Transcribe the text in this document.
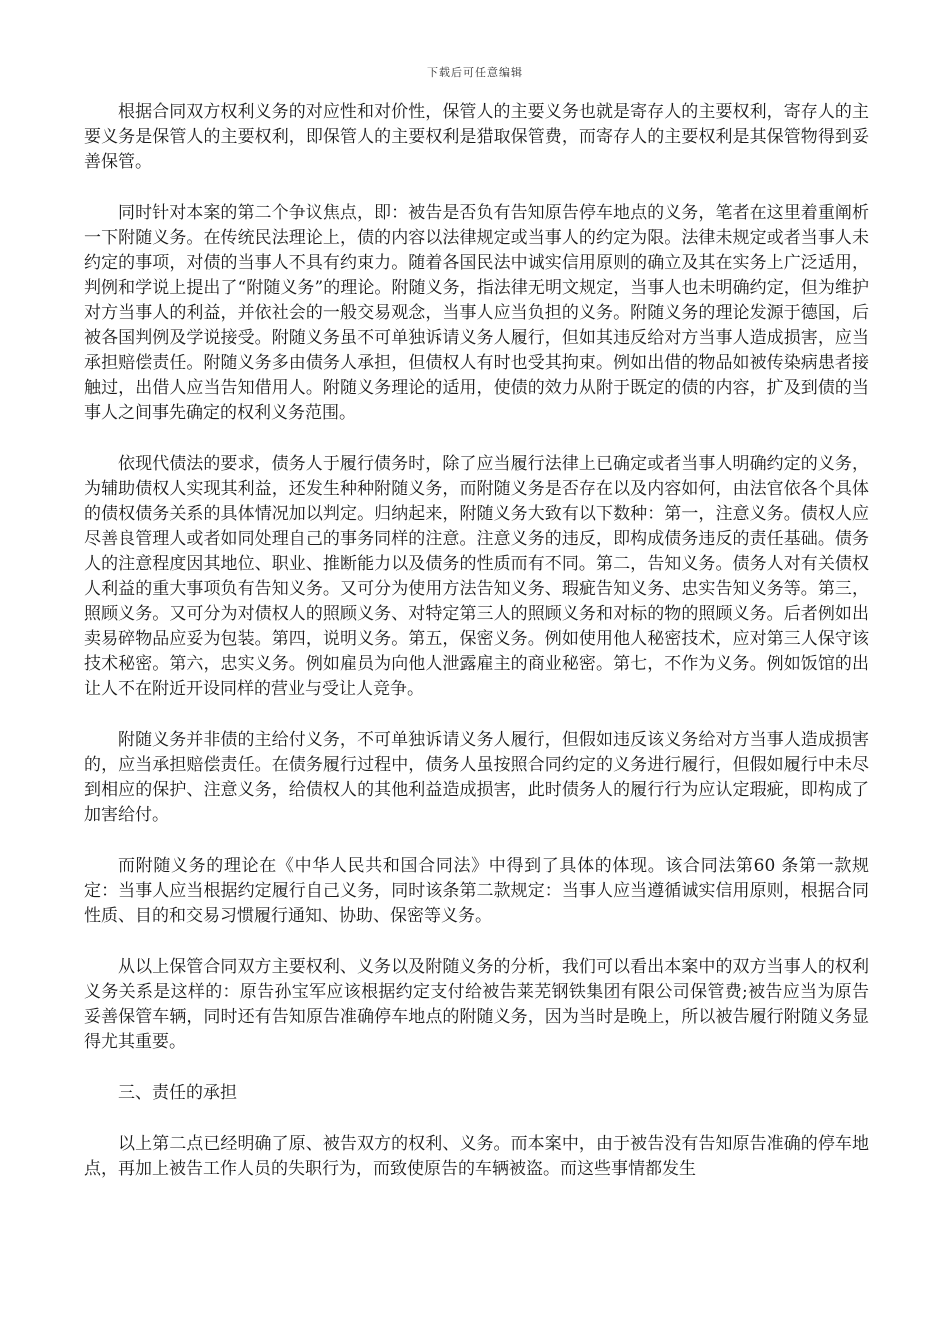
下载后可任意编辑

根据合同双方权利义务的对应性和对价性，保管人的主要义务也就是寄存人的主要权利，寄存人的主要义务是保管人的主要权利，即保管人的主要权利是猎取保管费，而寄存人的主要权利是其保管物得到妥善保管。

同时针对本案的第二个争议焦点，即：被告是否负有告知原告停车地点的义务，笔者在这里着重阐析一下附随义务。在传统民法理论上，债的内容以法律规定或当事人的约定为限。法律未规定或者当事人未约定的事项，对债的当事人不具有约束力。随着各国民法中诚实信用原则的确立及其在实务上广泛适用，判例和学说上提出了“附随义务”的理论。附随义务，指法律无明文规定，当事人也未明确约定，但为维护对方当事人的利益，并依社会的一般交易观念，当事人应当负担的义务。附随义务的理论发源于德国，后被各国判例及学说接受。附随义务虽不可单独诉请义务人履行，但如其违反给对方当事人造成损害，应当承担赔偿责任。附随义务多由债务人承担，但债权人有时也受其拘束。例如出借的物品如被传染病患者接触过，出借人应当告知借用人。附随义务理论的适用，使债的效力从附于既定的债的内容，扩及到债的当事人之间事先确定的权利义务范围。

依现代债法的要求，债务人于履行债务时，除了应当履行法律上已确定或者当事人明确约定的义务，为辅助债权人实现其利益，还发生种种附随义务，而附随义务是否存在以及内容如何，由法官依各个具体的债权债务关系的具体情况加以判定。归纳起来，附随义务大致有以下数种：第一，注意义务。债权人应尽善良管理人或者如同处理自己的事务同样的注意。注意义务的违反，即构成债务违反的责任基础。债务人的注意程度因其地位、职业、推断能力以及债务的性质而有不同。第二，告知义务。债务人对有关债权人利益的重大事项负有告知义务。又可分为使用方法告知义务、瑕疵告知义务、忠实告知义务等。第三，照顾义务。又可分为对债权人的照顾义务、对特定第三人的照顾义务和对标的物的照顾义务。后者例如出卖易碎物品应妥为包装。第四，说明义务。第五，保密义务。例如使用他人秘密技术，应对第三人保守该技术秘密。第六，忠实义务。例如雇员为向他人泄露雇主的商业秘密。第七，不作为义务。例如饭馆的出让人不在附近开设同样的营业与受让人竞争。

附随义务并非债的主给付义务，不可单独诉请义务人履行，但假如违反该义务给对方当事人造成损害的，应当承担赔偿责任。在债务履行过程中，债务人虽按照合同约定的义务进行履行，但假如履行中未尽到相应的保护、注意义务，给债权人的其他利益造成损害，此时债务人的履行行为应认定瑕疵，即构成了加害给付。

而附随义务的理论在《中华人民共和国合同法》中得到了具体的体现。该合同法第60 条第一款规定：当事人应当根据约定履行自己义务，同时该条第二款规定：当事人应当遵循诚实信用原则，根据合同性质、目的和交易习惯履行通知、协助、保密等义务。

从以上保管合同双方主要权利、义务以及附随义务的分析，我们可以看出本案中的双方当事人的权利义务关系是这样的：原告孙宝军应该根据约定支付给被告莱芜钢铁集团有限公司保管费;被告应当为原告妥善保管车辆，同时还有告知原告准确停车地点的附随义务，因为当时是晚上，所以被告履行附随义务显得尤其重要。

三、责任的承担

以上第二点已经明确了原、被告双方的权利、义务。而本案中，由于被告没有告知原告准确的停车地点，再加上被告工作人员的失职行为，而致使原告的车辆被盗。而这些事情都发生
